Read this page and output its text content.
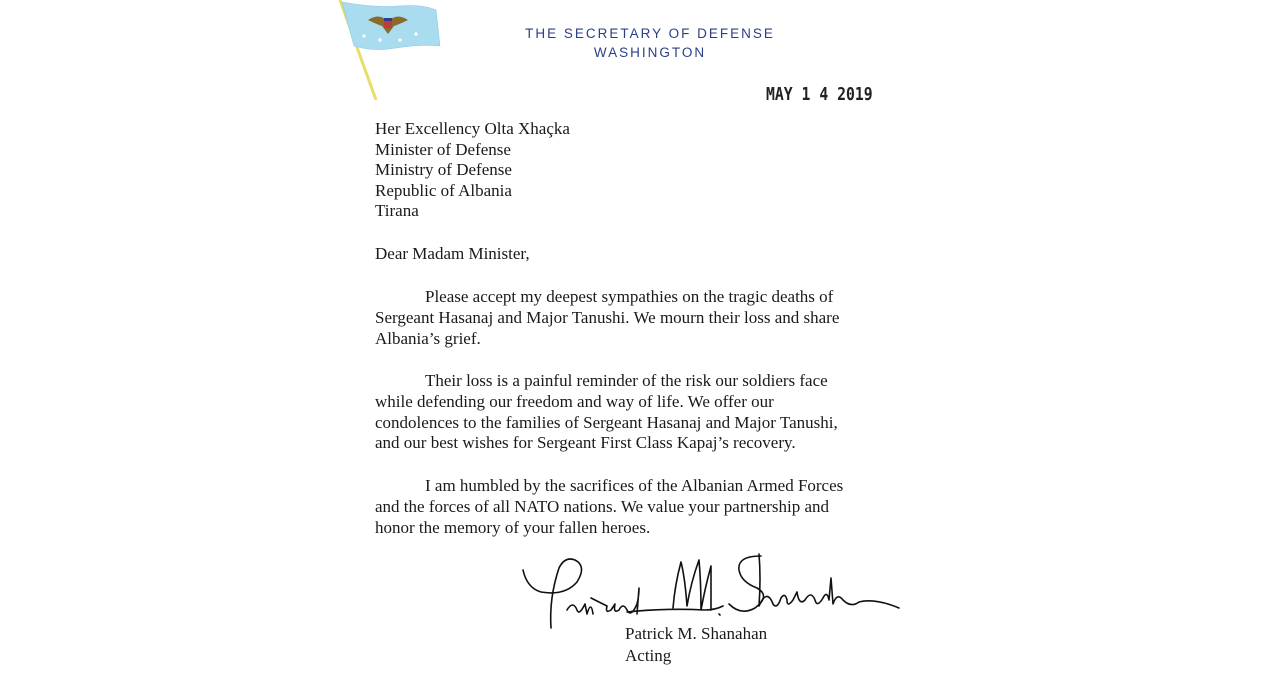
THE SECRETARY OF DEFENSE
WASHINGTON
MAY 1 4 2019
Her Excellency Olta Xhaçka
Minister of Defense
Ministry of Defense
Republic of Albania
Tirana
Dear Madam Minister,
Please accept my deepest sympathies on the tragic deaths of
Sergeant Hasanaj and Major Tanushi. We mourn their loss and share
Albania’s grief.
Their loss is a painful reminder of the risk our soldiers face
while defending our freedom and way of life. We offer our
condolences to the families of Sergeant Hasanaj and Major Tanushi,
and our best wishes for Sergeant First Class Kapaj’s recovery.
I am humbled by the sacrifices of the Albanian Armed Forces
and the forces of all NATO nations. We value your partnership and
honor the memory of your fallen heroes.
Patrick M. Shanahan
Acting
